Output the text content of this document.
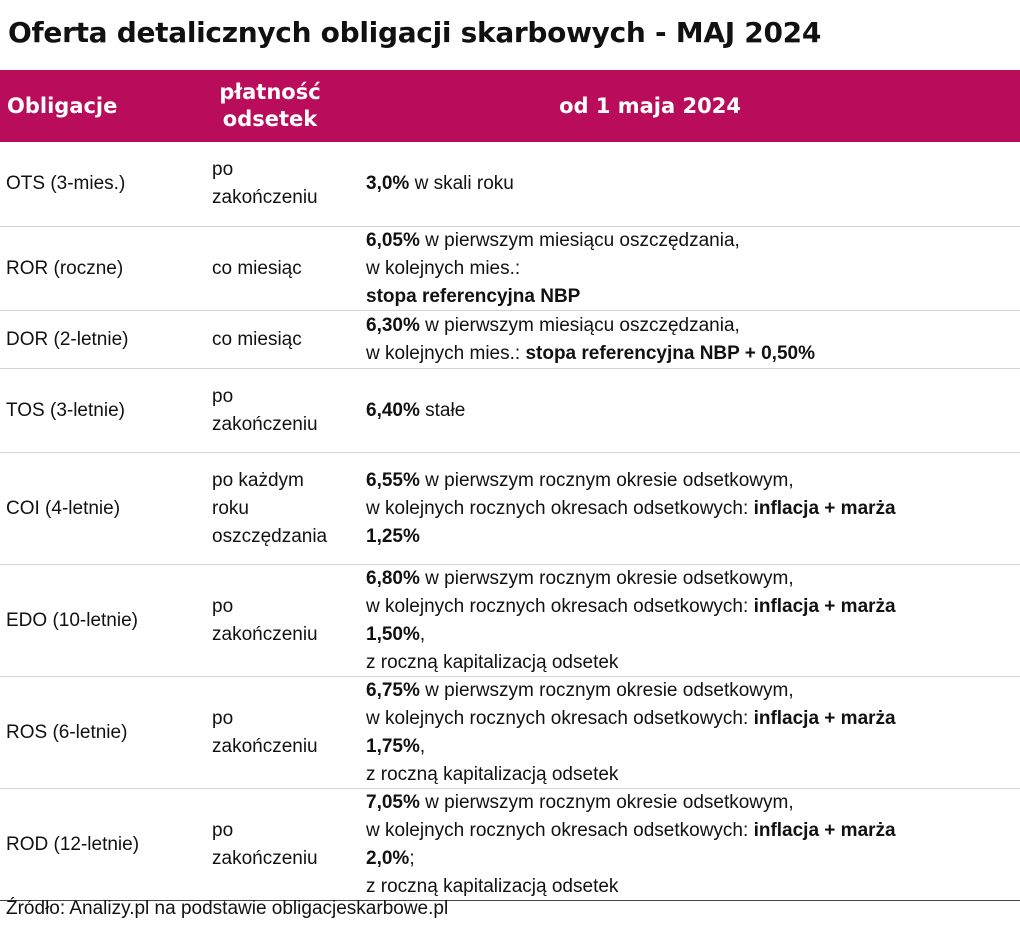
Oferta detalicznych obligacji skarbowych - MAJ 2024
Obligacje
płatność
odsetek
od 1 maja 2024
OTS (3-mies.)
po
zakończeniu
3,0% w skali roku
ROR (roczne)	co miesiąc
6,05% w pierwszym miesiącu oszczędzania,
w kolejnych mies.:
stopa referencyjna NBP
DOR (2-letnie)	co miesiąc
6,30% w pierwszym miesiącu oszczędzania,
w kolejnych mies.: stopa referencyjna NBP + 0,50%
TOS (3-letnie)
po
zakończeniu
6,40% stałe
COI (4-letnie)
po każdym
roku
oszczędzania
6,55% w pierwszym rocznym okresie odsetkowym,
w kolejnych rocznych okresach odsetkowych: inflacja + marża
1,25%
EDO (10-letnie)
po
zakończeniu
6,80% w pierwszym rocznym okresie odsetkowym,
w kolejnych rocznych okresach odsetkowych: inflacja + marża
1,50%,
z roczną kapitalizacją odsetek
ROS (6-letnie)
po
zakończeniu
6,75% w pierwszym rocznym okresie odsetkowym,
w kolejnych rocznych okresach odsetkowych: inflacja + marża
1,75%,
z roczną kapitalizacją odsetek
ROD (12-letnie)
po
zakończeniu
7,05% w pierwszym rocznym okresie odsetkowym,
w kolejnych rocznych okresach odsetkowych: inflacja + marża
2,0%;
z roczną kapitalizacją odsetek
Źródło: Analizy.pl na podstawie obligacjeskarbowe.pl
